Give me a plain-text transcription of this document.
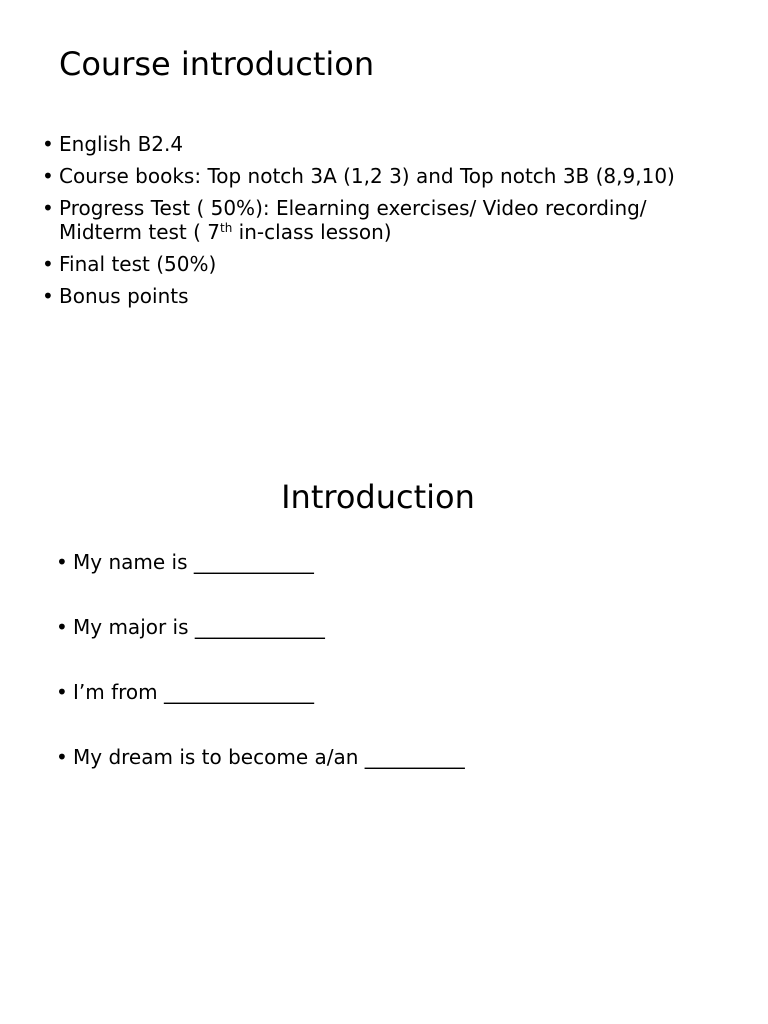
Course introduction
• English B2.4
• Course books: Top notch 3A (1,2 3) and Top notch 3B (8,9,10)
• Progress Test ( 50%): Elearning exercises/ Video recording/ Midterm test ( 7th in-class lesson)
• Final test (50%)
• Bonus points
Introduction
• My name is ____________
• My major is _____________
• I’m from _______________
• My dream is to become a/an __________
